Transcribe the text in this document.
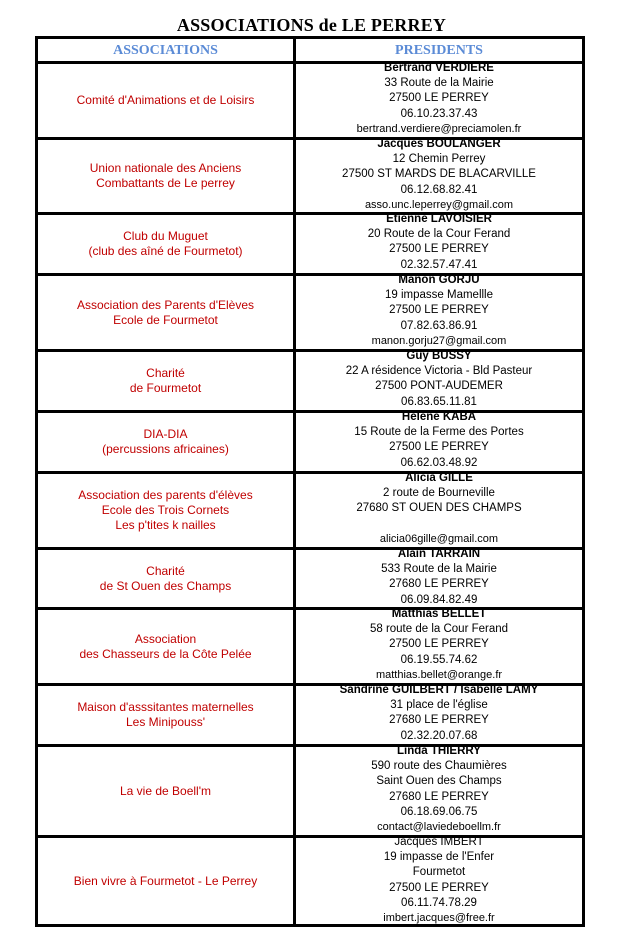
ASSOCIATIONS de LE PERREY
ASSOCIATIONS	PRESIDENTS
Comité d'Animations et de Loisirs
Bertrand VERDIERE
33 Route de la Mairie
27500 LE PERREY
06.10.23.37.43
bertrand.verdiere@preciamolen.fr
Union nationale des Anciens
Combattants de Le perrey
Jacques BOULANGER
12 Chemin Perrey
27500 ST MARDS DE BLACARVILLE
06.12.68.82.41
asso.unc.leperrey@gmail.com
Club du Muguet
(club des aîné de Fourmetot)
Etienne LAVOISIER
20 Route de la Cour Ferand
27500 LE PERREY
02.32.57.47.41
Association des Parents d'Elèves
Ecole de Fourmetot
Manon GORJU
19 impasse Mamellle
27500 LE PERREY
07.82.63.86.91
manon.gorju27@gmail.com
Charité
de Fourmetot
Guy BUSSY
22 A résidence Victoria - Bld Pasteur
27500 PONT-AUDEMER
06.83.65.11.81
DIA-DIA
(percussions africaines)
Hélène KABA
15 Route de la Ferme des Portes
27500 LE PERREY
06.62.03.48.92
Association des parents d'élèves
Ecole des Trois Cornets
Les p'tites k nailles
Alicia GILLE
2 route de Bourneville
27680 ST OUEN DES CHAMPS
alicia06gille@gmail.com
Charité
de St Ouen des Champs
Alain TARRAIN
533 Route de la Mairie
27680 LE PERREY
06.09.84.82.49
Association
des Chasseurs de la Côte Pelée
Matthias BELLET
58 route de la Cour Ferand
27500 LE PERREY
06.19.55.74.62
matthias.bellet@orange.fr
Maison d'asssitantes maternelles
Les Minipouss'
Sandrine GUILBERT / Isabelle LAMY
31 place de l'église
27680 LE PERREY
02.32.20.07.68
La vie de Boell'm
Linda THIERRY
590 route des Chaumières
Saint Ouen des Champs
27680 LE PERREY
06.18.69.06.75
contact@laviedeboellm.fr
Bien vivre à Fourmetot - Le Perrey
Jacques IMBERT
19 impasse de l'Enfer
Fourmetot
27500 LE PERREY
06.11.74.78.29
imbert.jacques@free.fr
